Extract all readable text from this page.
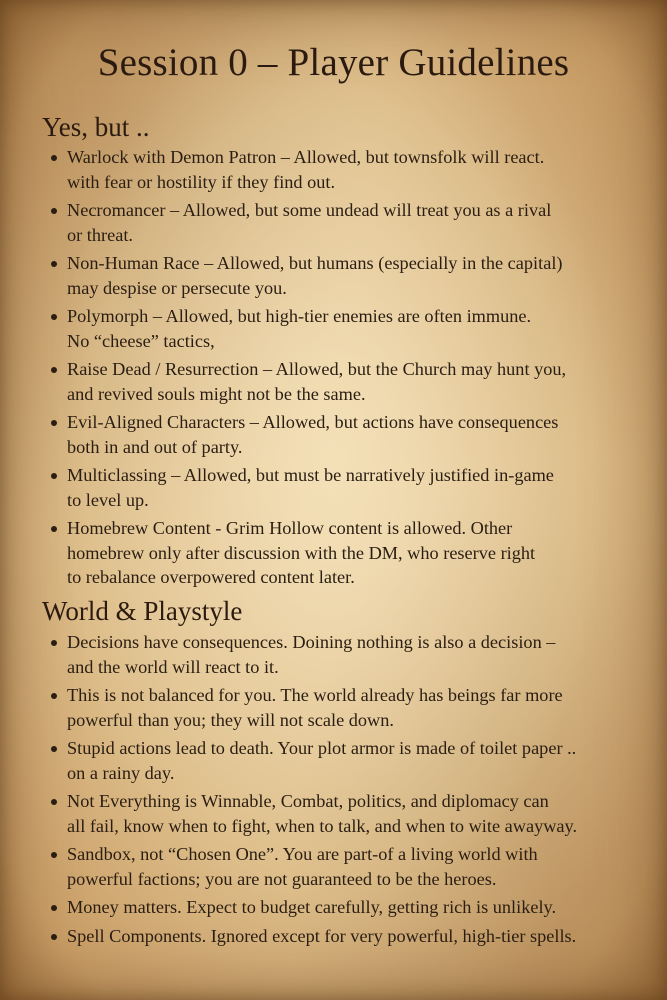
Session 0 – Player Guidelines
Yes, but ..
Warlock with Demon Patron – Allowed, but townsfolk will react.
with fear or hostility if they find out.
Necromancer – Allowed, but some undead will treat you as a rival
or threat.
Non-Human Race – Allowed, but humans (especially in the capital)
may despise or persecute you.
Polymorph – Allowed, but high-tier enemies are often immune.
No “cheese” tactics,
Raise Dead / Resurrection – Allowed, but the Church may hunt you,
and revived souls might not be the same.
Evil-Aligned Characters – Allowed, but actions have consequences
both in and out of party.
Multiclassing – Allowed, but must be narratively justified in-game
to level up.
Homebrew Content - Grim Hollow content is allowed. Other
homebrew only after discussion with the DM, who reserve right
to rebalance overpowered content later.
World & Playstyle
Decisions have consequences. Doining nothing is also a decision –
and the world will react to it.
This is not balanced for you. The world already has beings far more
powerful than you; they will not scale down.
Stupid actions lead to death. Your plot armor is made of toilet paper ..
on a rainy day.
Not Everything is Winnable, Combat, politics, and diplomacy can
all fail, know when to fight, when to talk, and when to wite awayway.
Sandbox, not “Chosen One”. You are part-of a living world with
powerful factions; you are not guaranteed to be the heroes.
Money matters. Expect to budget carefully, getting rich is unlikely.
Spell Components. Ignored except for very powerful, high-tier spells.
